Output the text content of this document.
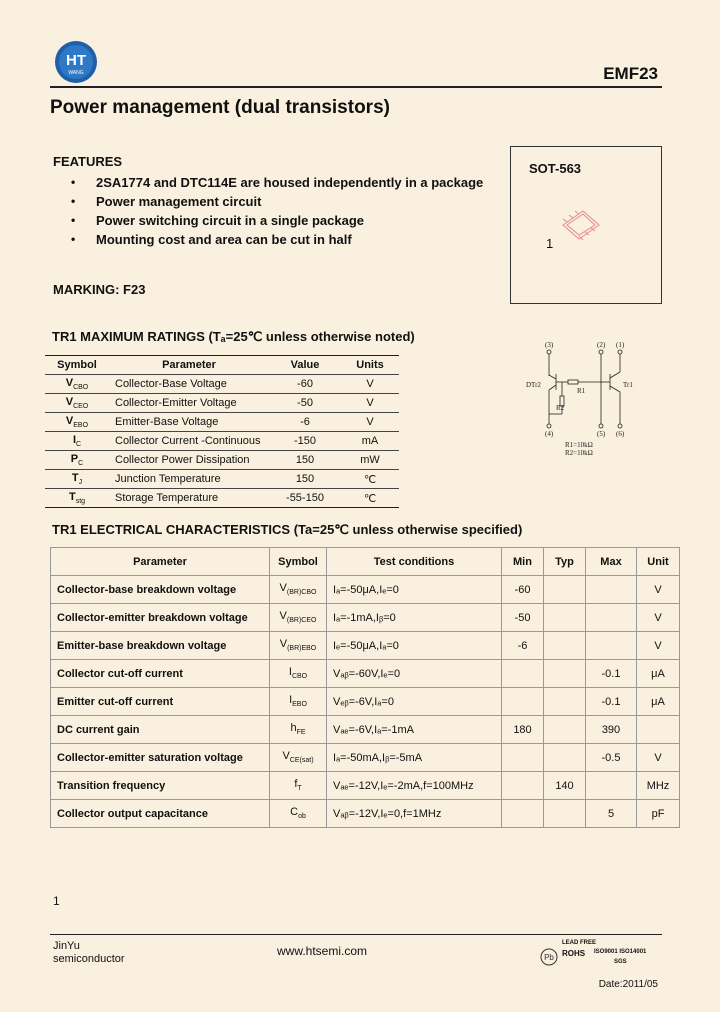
HT
WANG	EMF23
Power management (dual transistors)
FEATURES
• 2SA1774 and DTC114E are housed independently in a package
• Power management circuit
• Power switching circuit in a single package
• Mounting cost and area can be cut in half
MARKING: F23
SOT-563
1
(3)	(2) (1)
(4)	(5) (6)
DTr2	Tr1
R1
R2
R1=10kΩ
R2=10kΩ
TR1 MAXIMUM RATINGS (Tₐ=25℃ unless otherwise noted)
Symbol	Parameter	Value	Units
$V_{CBO}$	Collector-Base Voltage	-60	V
$V_{CEO}$	Collector-Emitter Voltage	-50	V
$V_{EBO}$	Emitter-Base Voltage	-6	V
$I_C$	Collector Current -Continuous	-150	mA
$P_C$	Collector Power Dissipation	150	mW
$T_J$	Junction Temperature	150	℃
$T_{stg}$	Storage Temperature	-55-150	℃
TR1 ELECTRICAL CHARACTERISTICS (Ta=25℃ unless otherwise specified)
Parameter	Symbol	Test conditions	Min	Typ	Max	Unit
Collector-base breakdown voltage	$V_{(BR)CBO}$	Iₐ=-50μA,Iₑ=0	-60			V
Collector-emitter breakdown voltage	$V_{(BR)CEO}$	Iₐ=-1mA,Iᵦ=0	-50			V
Emitter-base breakdown voltage	$V_{(BR)EBO}$	Iₑ=-50μA,Iₐ=0	-6			V
Collector cut-off current	$I_{CBO}$	Vₐᵦ=-60V,Iₑ=0			-0.1	μA
Emitter cut-off current	$I_{EBO}$	Vₑᵦ=-6V,Iₐ=0			-0.1	μA
DC current gain	$h_{FE}$	Vₐₑ=-6V,Iₐ=-1mA	180		390	
Collector-emitter saturation voltage	$V_{CE(sat)}$	Iₐ=-50mA,Iᵦ=-5mA			-0.5	V
Transition frequency	$f_T$	Vₐₑ=-12V,Iₑ=-2mA,f=100MHz		140		MHz
Collector output capacitance	$C_{ob}$	Vₐᵦ=-12V,Iₑ=0,f=1MHz			5	pF
1
JinYu
semiconductor
www.htsemi.com	Pb
LEAD FREE
ROHS ISO9001 ISO14001
SGS
Date:2011/05
